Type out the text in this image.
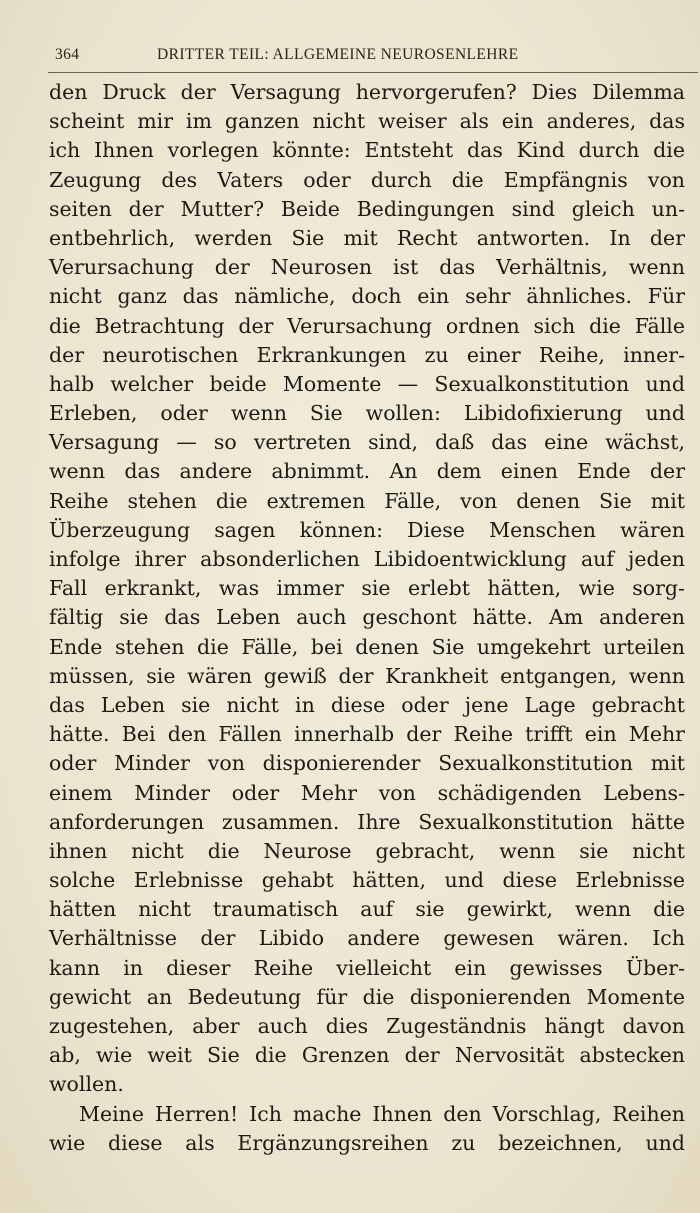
364	DRITTER TEIL: ALLGEMEINE NEUROSENLEHRE
den Druck der Versagung hervorgerufen? Dies Dilemma
scheint mir im ganzen nicht weiser als ein anderes, das
ich Ihnen vorlegen könnte: Entsteht das Kind durch die
Zeugung des Vaters oder durch die Empfängnis von
seiten der Mutter? Beide Bedingungen sind gleich un-
entbehrlich, werden Sie mit Recht antworten. In der
Verursachung der Neurosen ist das Verhältnis, wenn
nicht ganz das nämliche, doch ein sehr ähnliches. Für
die Betrachtung der Verursachung ordnen sich die Fälle
der neurotischen Erkrankungen zu einer Reihe, inner-
halb welcher beide Momente — Sexualkonstitution und
Erleben, oder wenn Sie wollen: Libidofixierung und
Versagung — so vertreten sind, daß das eine wächst,
wenn das andere abnimmt. An dem einen Ende der
Reihe stehen die extremen Fälle, von denen Sie mit
Überzeugung sagen können: Diese Menschen wären
infolge ihrer absonderlichen Libidoentwicklung auf jeden
Fall erkrankt, was immer sie erlebt hätten, wie sorg-
fältig sie das Leben auch geschont hätte. Am anderen
Ende stehen die Fälle, bei denen Sie umgekehrt urteilen
müssen, sie wären gewiß der Krankheit entgangen, wenn
das Leben sie nicht in diese oder jene Lage gebracht
hätte. Bei den Fällen innerhalb der Reihe trifft ein Mehr
oder Minder von disponierender Sexualkonstitution mit
einem Minder oder Mehr von schädigenden Lebens-
anforderungen zusammen. Ihre Sexualkonstitution hätte
ihnen nicht die Neurose gebracht, wenn sie nicht
solche Erlebnisse gehabt hätten, und diese Erlebnisse
hätten nicht traumatisch auf sie gewirkt, wenn die
Verhältnisse der Libido andere gewesen wären. Ich
kann in dieser Reihe vielleicht ein gewisses Über-
gewicht an Bedeutung für die disponierenden Momente
zugestehen, aber auch dies Zugeständnis hängt davon
ab, wie weit Sie die Grenzen der Nervosität abstecken
wollen.
Meine Herren! Ich mache Ihnen den Vorschlag, Reihen
wie diese als Ergänzungsreihen zu bezeichnen, und
